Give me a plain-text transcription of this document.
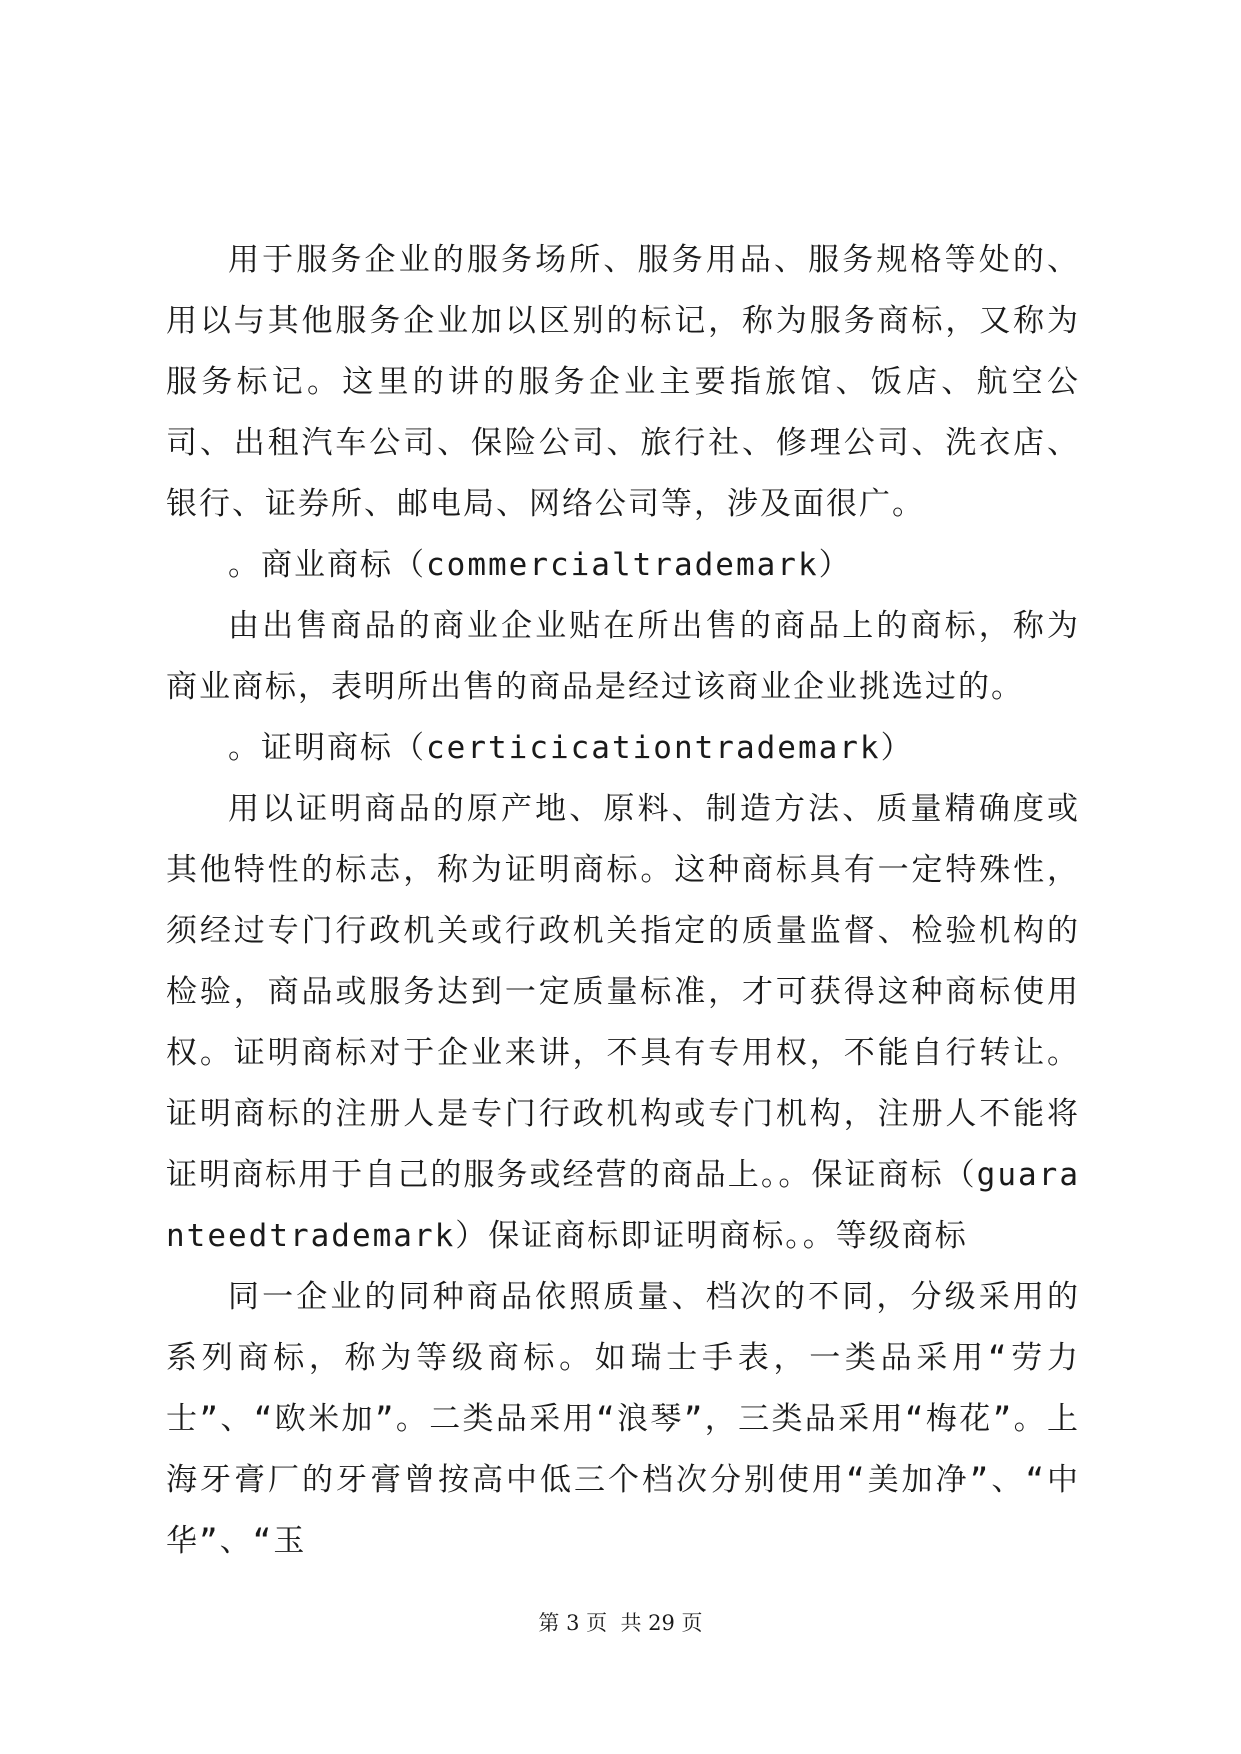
用于服务企业的服务场所、服务用品、服务规格等处的、用以与其他服务企业加以区别的标记，称为服务商标，又称为服务标记。这里的讲的服务企业主要指旅馆、饭店、航空公司、出租汽车公司、保险公司、旅行社、修理公司、洗衣店、银行、证券所、邮电局、网络公司等，涉及面很广。

。商业商标（commercialtrademark）

由出售商品的商业企业贴在所出售的商品上的商标，称为商业商标，表明所出售的商品是经过该商业企业挑选过的。

。证明商标（certicicationtrademark）

用以证明商品的原产地、原料、制造方法、质量精确度或其他特性的标志，称为证明商标。这种商标具有一定特殊性，须经过专门行政机关或行政机关指定的质量监督、检验机构的检验，商品或服务达到一定质量标准，才可获得这种商标使用权。证明商标对于企业来讲，不具有专用权，不能自行转让。证明商标的注册人是专门行政机构或专门机构，注册人不能将证明商标用于自己的服务或经营的商品上。。保证商标（guaranteedtrademark）保证商标即证明商标。。等级商标

同一企业的同种商品依照质量、档次的不同，分级采用的系列商标，称为等级商标。如瑞士手表，一类品采用“劳力士”、“欧米加”。二类品采用“浪琴”，三类品采用“梅花”。上海牙膏厂的牙膏曾按高中低三个档次分别使用“美加净”、“中华”、“玉

第 3 页  共 29 页
